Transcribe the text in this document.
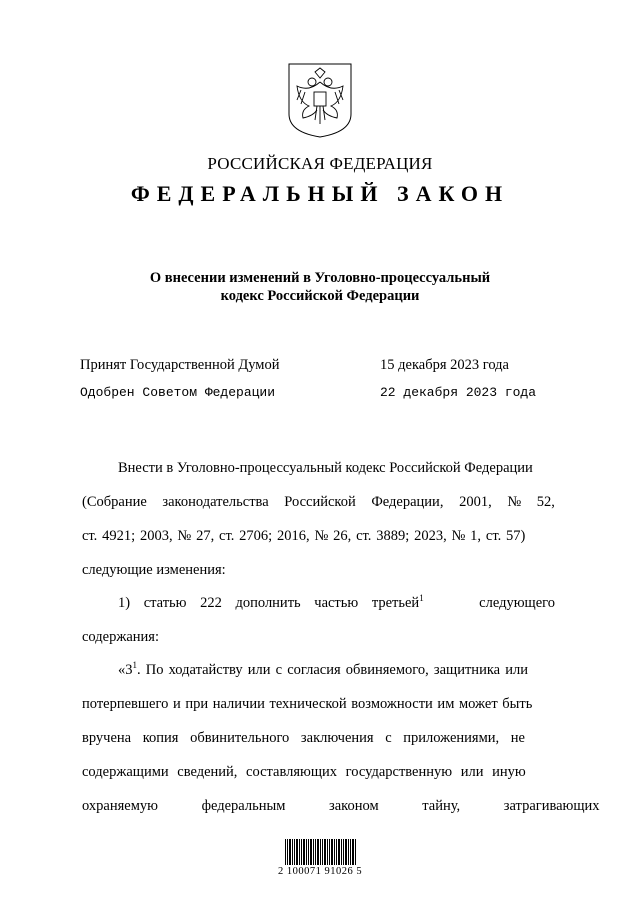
РОССИЙСКАЯ ФЕДЕРАЦИЯ
ФЕДЕРАЛЬНЫЙ ЗАКОН
О внесении изменений в Уголовно-процессуальный
кодекс Российской Федерации
Принят Государственной Думой	15 декабря 2023 года
Одобрен Советом Федерации	22 декабря 2023 года
Внести в Уголовно-процессуальный кодекс Российской Федерации
(Собрание законодательства Российской Федерации, 2001, № 52,
ст. 4921; 2003, № 27, ст. 2706; 2016, № 26, ст. 3889; 2023, № 1, ст. 57)
следующие изменения:
1) статью 222 дополнить частью третьей$^1$	следующего
содержания:
«$3^1$. По ходатайству или с согласия обвиняемого, защитника или
потерпевшего и при наличии технической возможности им может быть
вручена копия обвинительного заключения с приложениями, не
содержащими сведений, составляющих государственную или иную
охраняемую федеральным законом тайну, затрагивающих
2 100071 91026 5
